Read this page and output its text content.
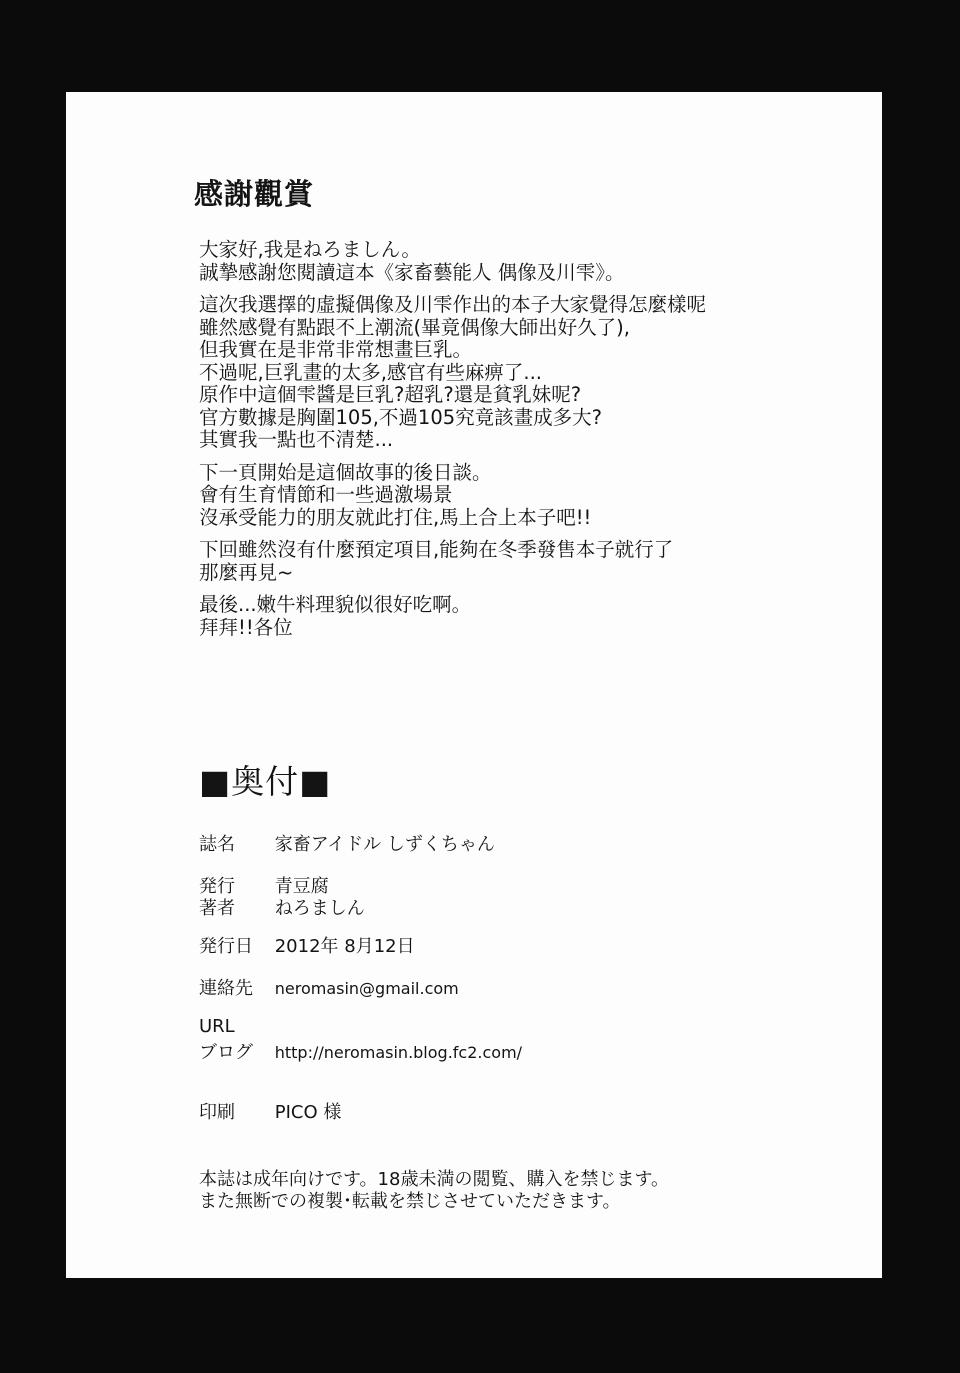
感謝觀賞

大家好,我是ねろましん。
誠摯感謝您閱讀這本《家畜藝能人 偶像及川雫》。

這次我選擇的虛擬偶像及川雫作出的本子大家覺得怎麼樣呢
雖然感覺有點跟不上潮流(畢竟偶像大師出好久了),
但我實在是非常非常想畫巨乳。
不過呢,巨乳畫的太多,感官有些麻痹了...
原作中這個雫醬是巨乳?超乳?還是貧乳妹呢?
官方數據是胸圍105,不過105究竟該畫成多大?
其實我一點也不清楚...

下一頁開始是這個故事的後日談。
會有生育情節和一些過激場景
沒承受能力的朋友就此打住,馬上合上本子吧!!

下回雖然沒有什麼預定項目,能夠在冬季發售本子就行了
那麼再見~

最後...嫩牛料理貌似很好吃啊。
拜拜!!各位

■奥付■
誌名 家畜アイドル しずくちゃん
発行 青豆腐
著者 ねろましん
発行日 2012年 8月12日
連絡先 neromasin@gmail.com
URL
ブログ http://neromasin.blog.fc2.com/
印刷 PICO 様
本誌は成年向けです。18歳未満の閲覧、購入を禁じます。
また無断での複製･転載を禁じさせていただきます。
